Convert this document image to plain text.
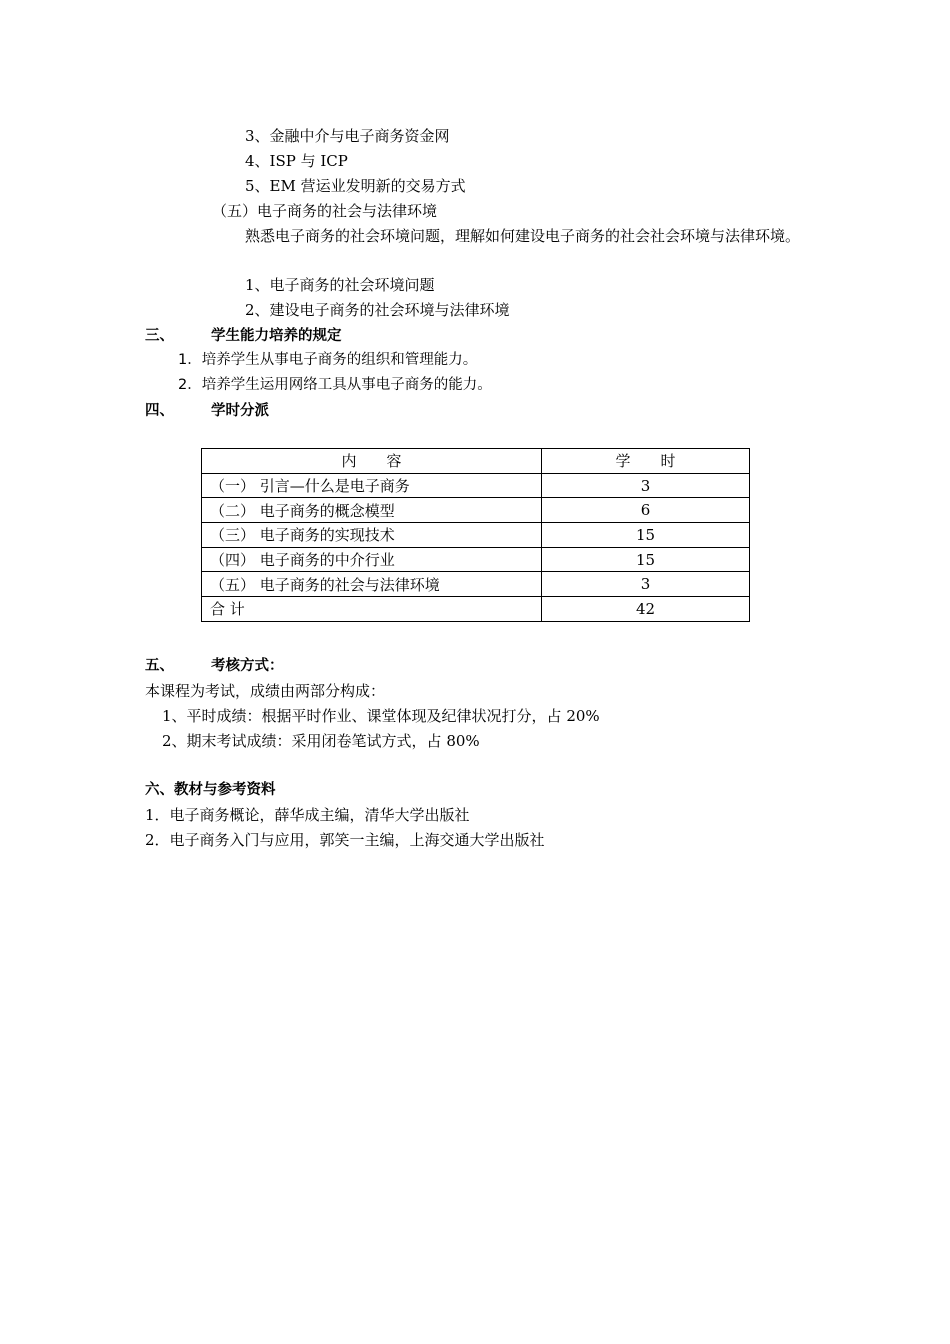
3、金融中介与电子商务资金网
4、ISP 与 ICP
5、EM 营运业发明新的交易方式
（五）电子商务的社会与法律环境
熟悉电子商务的社会环境问题，理解如何建设电子商务的社会社会环境与法律环境。
1、电子商务的社会环境问题
2、建设电子商务的社会环境与法律环境
三、	学生能力培养的规定
1．培养学生从事电子商务的组织和管理能力。
2．培养学生运用网络工具从事电子商务的能力。
四、	学时分派
内 容	学 时
（一） 引言—什么是电子商务	3
（二） 电子商务的概念模型	6
（三） 电子商务的实现技术	15
（四） 电子商务的中介行业	15
（五） 电子商务的社会与法律环境	3
合 计	42
五、	考核方式：
本课程为考试，成绩由两部分构成：
1、平时成绩：根据平时作业、课堂体现及纪律状况打分，占 20%
2、期末考试成绩：采用闭卷笔试方式，占 80%
六、教材与参考资料
1．电子商务概论，薛华成主编，清华大学出版社
2．电子商务入门与应用，郭笑一主编，上海交通大学出版社
